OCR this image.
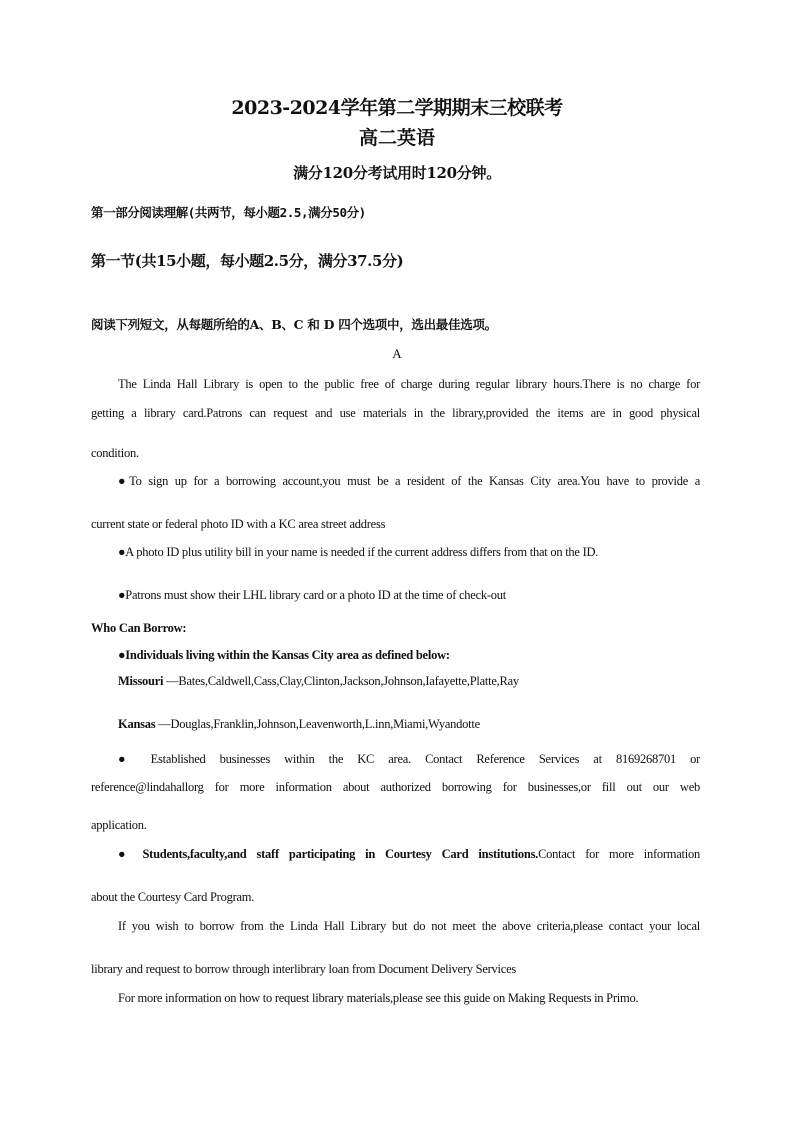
2023-2024学年第二学期期末三校联考
高二英语
满分120分考试用时120分钟。
第一部分阅读理解(共两节，每小题2.5,满分50分)
第一节(共15小题，每小题2.5分，满分37.5分)
阅读下列短文，从每题所给的A、B、C 和 D 四个选项中，选出最佳选项。
A
The Linda Hall Library is open to the public free of charge during regular library hours.There is no charge for
getting a library card.Patrons can request and use materials in the library,provided the items are in good physical
condition.
●To sign up for a borrowing account,you must be a resident of the Kansas City area.You have to provide a
current state or federal photo ID with a KC area street address
●A photo ID plus utility bill in your name is needed if the current address differs from that on the ID.
●Patrons must show their LHL library card or a photo ID at the time of check-out
Who Can Borrow:
●Individuals living within the Kansas City area as defined below:
Missouri —Bates,Caldwell,Cass,Clay,Clinton,Jackson,Johnson,Iafayette,Platte,Ray
Kansas —Douglas,Franklin,Johnson,Leavenworth,L.inn,Miami,Wyandotte
● Established businesses within the KC area. Contact Reference Services at 8169268701 or
reference@lindahallorg for more information about authorized borrowing for businesses,or fill out our web
application.
● Students,faculty,and staff participating in Courtesy Card institutions.Contact for more information
about the Courtesy Card Program.
If you wish to borrow from the Linda Hall Library but do not meet the above criteria,please contact your local
library and request to borrow through interlibrary loan from Document Delivery Services
For more information on how to request library materials,please see this guide on Making Requests in Primo.
